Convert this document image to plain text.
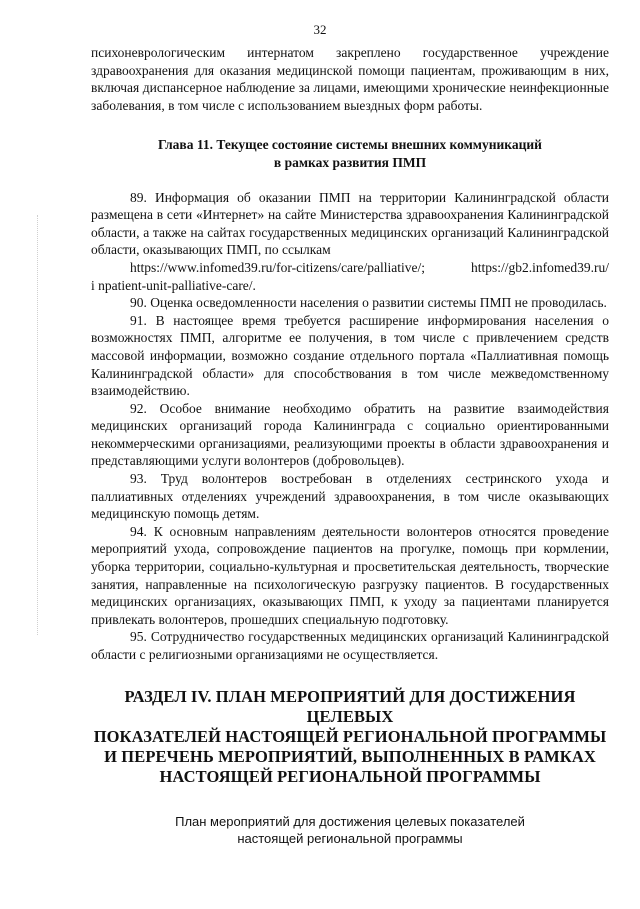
32

психоневрологическим интернатом закреплено государственное учреждение здравоохранения для оказания медицинской помощи пациентам, проживающим в них, включая диспансерное наблюдение за лицами, имеющими хронические неинфекционные заболевания, в том числе с использованием выездных форм работы.

Глава 11. Текущее состояние системы внешних коммуникаций
в рамках развития ПМП

89. Информация об оказании ПМП на территории Калининградской области размещена в сети «Интернет» на сайте Министерства здравоохранения Калининградской области, а также на сайтах государственных медицинских организаций Калининградской области, оказывающих ПМП, по ссылкам
https://www.infomed39.ru/for-citizens/care/palliative/;	https://gb2.infomed39.ru/
i npatient-unit-palliative-care/.

90. Оценка осведомленности населения о развитии системы ПМП не проводилась.

91. В настоящее время требуется расширение информирования населения о возможностях ПМП, алгоритме ее получения, в том числе с привлечением средств массовой информации, возможно создание отдельного портала «Паллиативная помощь Калининградской области» для способствования в том числе межведомственному взаимодействию.

92. Особое внимание необходимо обратить на развитие взаимодействия медицинских организаций города Калининграда с социально ориентированными некоммерческими организациями, реализующими проекты в области здравоохранения и представляющими услуги волонтеров (добровольцев).

93. Труд волонтеров востребован в отделениях сестринского ухода и паллиативных отделениях учреждений здравоохранения, в том числе оказывающих медицинскую помощь детям.

94. К основным направлениям деятельности волонтеров относятся проведение мероприятий ухода, сопровождение пациентов на прогулке, помощь при кормлении, уборка территории, социально-культурная и просветительская деятельность, творческие занятия, направленные на психологическую разгрузку пациентов. В государственных медицинских организациях, оказывающих ПМП, к уходу за пациентами планируется привлекать волонтеров, прошедших специальную подготовку.

95. Сотрудничество государственных медицинских организаций Калининградской области с религиозными организациями не осуществляется.

РАЗДЕЛ IV. ПЛАН МЕРОПРИЯТИЙ ДЛЯ ДОСТИЖЕНИЯ ЦЕЛЕВЫХ
ПОКАЗАТЕЛЕЙ НАСТОЯЩЕЙ РЕГИОНАЛЬНОЙ ПРОГРАММЫ
И ПЕРЕЧЕНЬ МЕРОПРИЯТИЙ, ВЫПОЛНЕННЫХ В РАМКАХ
НАСТОЯЩЕЙ РЕГИОНАЛЬНОЙ ПРОГРАММЫ
План мероприятий для достижения целевых показателей
настоящей региональной программы
